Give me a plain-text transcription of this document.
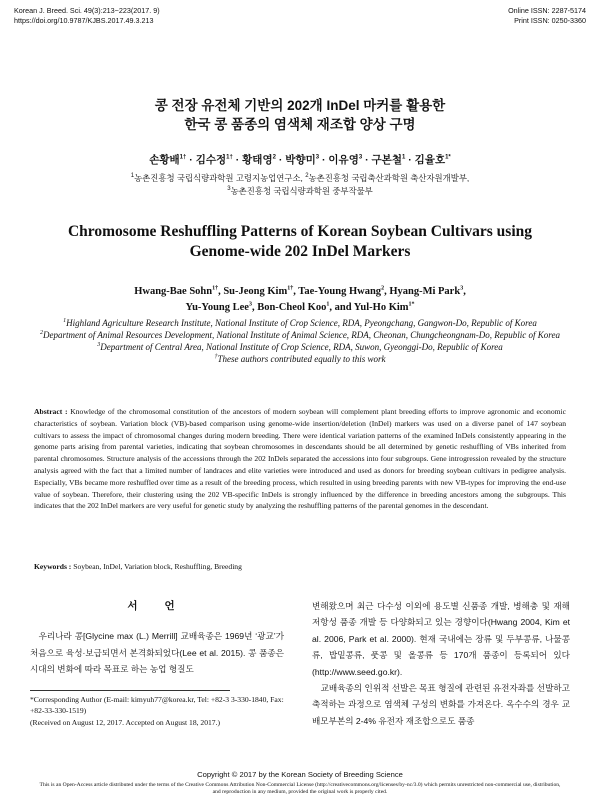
Korean J. Breed. Sci. 49(3):213~223(2017. 9)
https://doi.org/10.9787/KJBS.2017.49.3.213
Online ISSN: 2287-5174
Print ISSN: 0250-3360
콩 전장 유전체 기반의 202개 InDel 마커를 활용한
한국 콩 품종의 염색체 재조합 양상 구명
손황배$^{1\dagger}$ · 김수정$^{1\dagger}$ · 황태영$^2$ · 박향미$^3$ · 이유영$^3$ · 구본철$^1$ · 김율호$^{1*}$
$^1$농촌진흥청 국립식량과학원 고령지농업연구소, $^2$농촌진흥청 국립축산과학원 축산자원개발부,
$^3$농촌진흥청 국립식량과학원 중부작물부
Chromosome Reshuffling Patterns of Korean Soybean Cultivars using
Genome-wide 202 InDel Markers
Hwang-Bae Sohn$^{1\dagger}$, Su-Jeong Kim$^{1\dagger}$, Tae-Young Hwang$^2$, Hyang-Mi Park$^3$,
Yu-Young Lee$^3$, Bon-Cheol Koo$^1$, and Yul-Ho Kim$^{1*}$

$^1$Highland Agriculture Research Institute, National Institute of Crop Science, RDA, Pyeongchang, Gangwon-Do, Republic of Korea

$^2$Department of Animal Resources Development, National Institute of Animal Science, RDA, Cheonan, Chungcheongnam-Do, Republic of Korea

$^3$Department of Central Area, National Institute of Crop Science, RDA, Suwon, Gyeonggi-Do, Republic of Korea

†These authors contributed equally to this work

Abstract : Knowledge of the chromosomal constitution of the ancestors of modern soybean will complement plant breeding efforts to improve agronomic and economic characteristics of soybean. Variation block (VB)-based comparison using genome-wide insertion/deletion (InDel) markers was used on a diverse panel of 147 soybean cultivars to assess the impact of chromosomal changes during modern breeding. There were identical variation patterns of the examined InDels consistently appearing in the genome parts arising from parental varieties, indicating that soybean chromosomes in descendants should be all determined by genetic reshuffling of VBs inherited from parental chromosomes. Structure analysis of the accessions through the 202 InDels separated the accessions into four subgroups. Gene introgression revealed by the structure analysis agreed with the fact that a limited number of landraces and elite varieties were introduced and used as donors for breeding soybean cultivars in pedigree analysis. Especially, VBs became more reshuffled over time as a result of the breeding process, which resulted in using breeding parents with new VB-types for improving the end-use value of soybean. Therefore, their clustering using the 202 VB-specific InDels is strongly influenced by the difference in breeding ancestors among the subgroups. This indicates that the 202 InDel markers are very useful for genetic study by analyzing the reshuffling patterns of the parental genomes in the descendant.
Keywords : Soybean, InDel, Variation block, Reshuffling, Breeding
서 언

우리나라 콩[Glycine max (L.) Merrill] 교배육종은 1969년 ‘광교’가 처음으로 육성·보급되면서 본격화되었다(Lee et al. 2015). 콩 품종은 시대의 변화에 따라 목표로 하는 농업 형질도

변해왔으며 최근 다수성 이외에 용도별 신품종 개발, 병해충 및 재해 저항성 품종 개발 등 다양화되고 있는 경향이다(Hwang 2004, Kim et al. 2006, Park et al. 2000). 현재 국내에는 장류 및 두부콩류, 나물콩류, 밥밑콩류, 풋콩 및 올콩류 등 170개 품종이 등록되어 있다(http://www.seed.go.kr).

교배육종의 인위적 선발은 목표 형질에 관련된 유전자좌를 선발하고 축적하는 과정으로 염색체 구성의 변화를 가져온다. 옥수수의 경우 교배모부본의 2-4% 유전자 재조합으로도 품종

*Corresponding Author (E-mail: kimyuh77@korea.kr, Tel: +82-3 3-330-1840, Fax: +82-33-330-1519)

(Received on August 12, 2017. Accepted on August 18, 2017.)

Copyright © 2017 by the Korean Society of Breeding Science
This is an Open-Access article distributed under the terms of the Creative Commons Attribution Non-Commercial License (http://creativecommons.org/licenses/by-nc/3.0) which permits unrestricted non-commercial use, distribution, and reproduction in any medium, provided the original work is properly cited.
